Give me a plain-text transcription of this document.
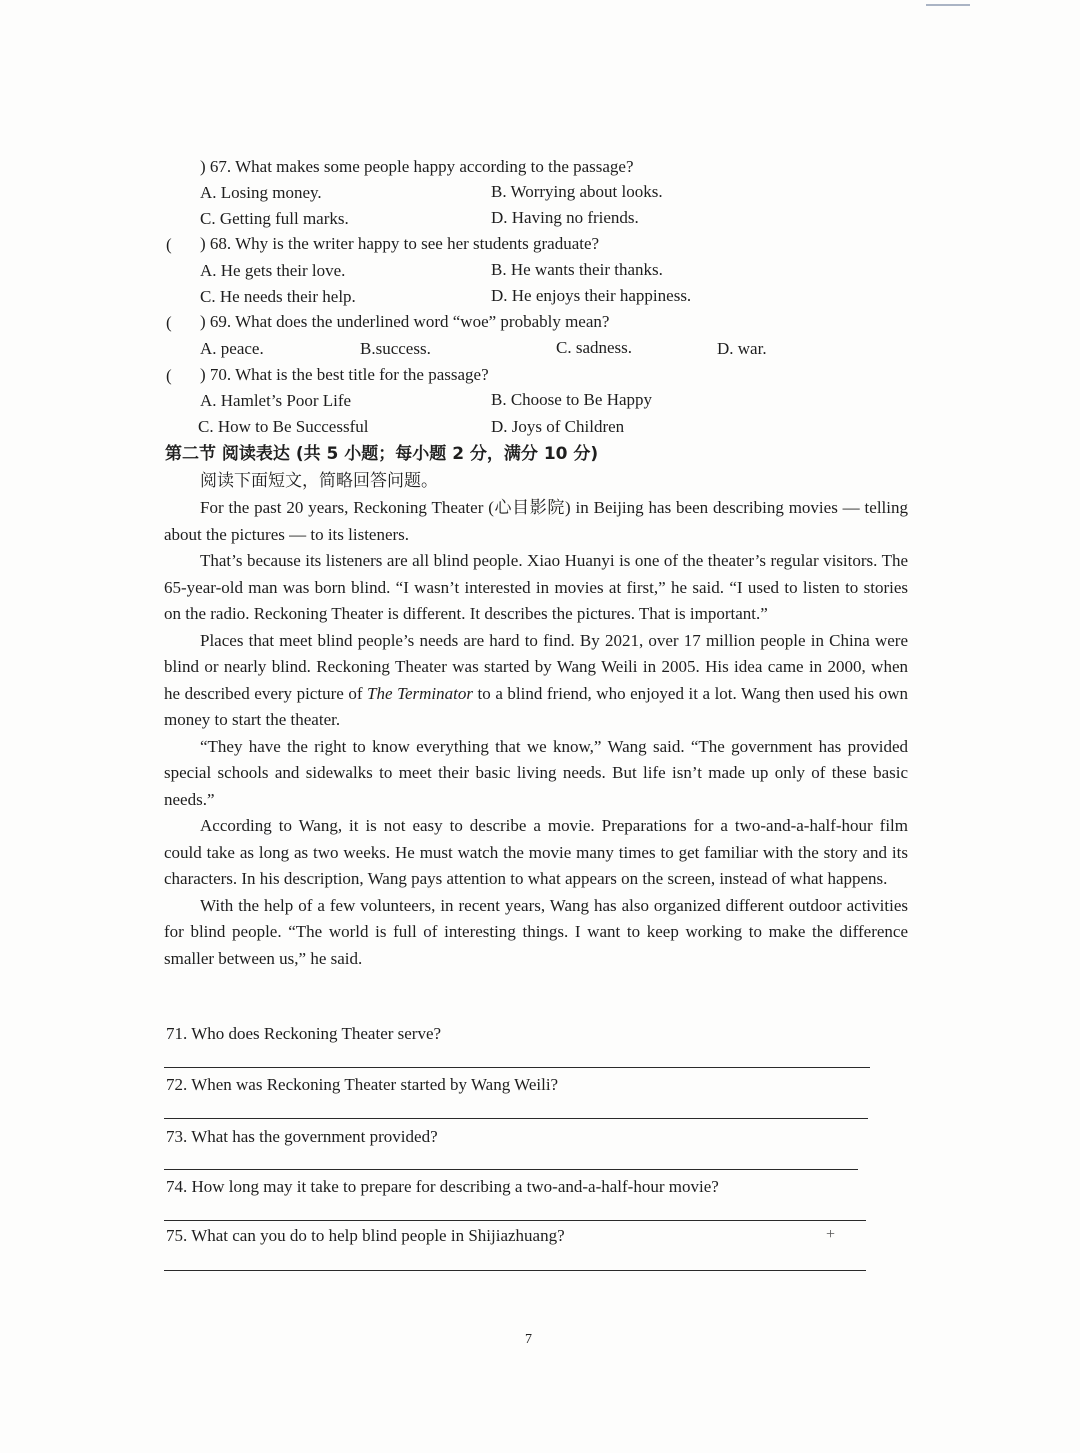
) 67. What makes some people happy according to the passage?
A. Losing money.	B. Worrying about looks.
C. Getting full marks.	D. Having no friends.
( ) 68. Why is the writer happy to see her students graduate?
A. He gets their love.	B. He wants their thanks.
C. He needs their help.	D. He enjoys their happiness.
( ) 69. What does the underlined word “woe” probably mean?
A. peace.	B.success.	C. sadness.	D. war.
( ) 70. What is the best title for the passage?
A. Hamlet’s Poor Life	B. Choose to Be Happy
C. How to Be Successful	D. Joys of Children
第二节 阅读表达 (共 5 小题；每小题 2 分，满分 10 分)
阅读下面短文，简略回答问题。

For the past 20 years, Reckoning Theater (心目影院) in Beijing has been describing movies — telling about the pictures — to its listeners.

That’s because its listeners are all blind people. Xiao Huanyi is one of the theater’s regular visitors. The 65-year-old man was born blind. “I wasn’t interested in movies at first,” he said. “I used to listen to stories on the radio. Reckoning Theater is different. It describes the pictures. That is important.”

Places that meet blind people’s needs are hard to find. By 2021, over 17 million people in China were blind or nearly blind. Reckoning Theater was started by Wang Weili in 2005. His idea came in 2000, when he described every picture of The Terminator to a blind friend, who enjoyed it a lot. Wang then used his own money to start the theater.

“They have the right to know everything that we know,” Wang said. “The government has provided special schools and sidewalks to meet their basic living needs. But life isn’t made up only of these basic needs.”

According to Wang, it is not easy to describe a movie. Preparations for a two-and-a-half-hour film could take as long as two weeks. He must watch the movie many times to get familiar with the story and its characters. In his description, Wang pays attention to what appears on the screen, instead of what happens.

With the help of a few volunteers, in recent years, Wang has also organized different outdoor activities for blind people. “The world is full of interesting things. I want to keep working to make the difference smaller between us,” he said.

71. Who does Reckoning Theater serve?
72. When was Reckoning Theater started by Wang Weili?
73. What has the government provided?
74. How long may it take to prepare for describing a two-and-a-half-hour movie?
75. What can you do to help blind people in Shijiazhuang?	+
7
